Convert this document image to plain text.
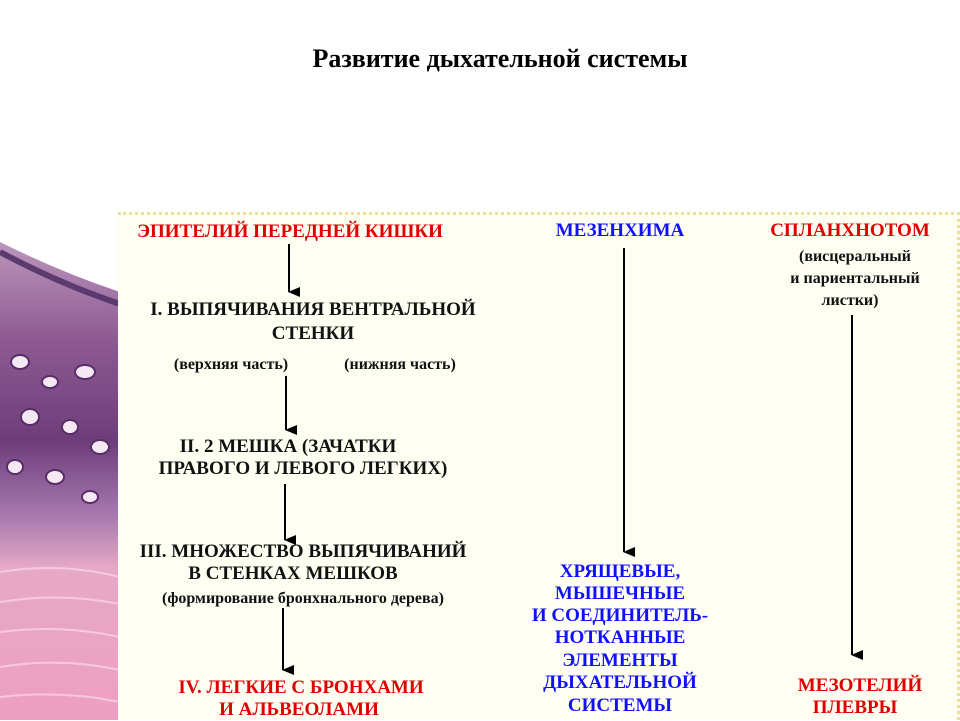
Развитие дыхательной системы
ЭПИТЕЛИЙ ПЕРЕДНЕЙ КИШКИ
I. ВЫПЯЧИВАНИЯ ВЕНТРАЛЬНОЙ
СТЕНКИ
(верхняя часть)	(нижняя часть)
II. 2 МЕШКА (ЗАЧАТКИ
ПРАВОГО И ЛЕВОГО ЛЕГКИХ)
III. МНОЖЕСТВО ВЫПЯЧИВАНИЙ
В СТЕНКАХ МЕШКОВ
(формирование бронхнального дерева)
IV. ЛЕГКИЕ С БРОНХАМИ
И АЛЬВЕОЛАМИ
МЕЗЕНХИМА
ХРЯЩЕВЫЕ,
МЫШЕЧНЫЕ
И СОЕДИНИТЕЛЬ-
НОТКАННЫЕ
ЭЛЕМЕНТЫ
ДЫХАТЕЛЬНОЙ
СИСТЕМЫ
СПЛАНХНОТОМ
(висцеральный
и париентальный
листки)
МЕЗОТЕЛИЙ
ПЛЕВРЫ
